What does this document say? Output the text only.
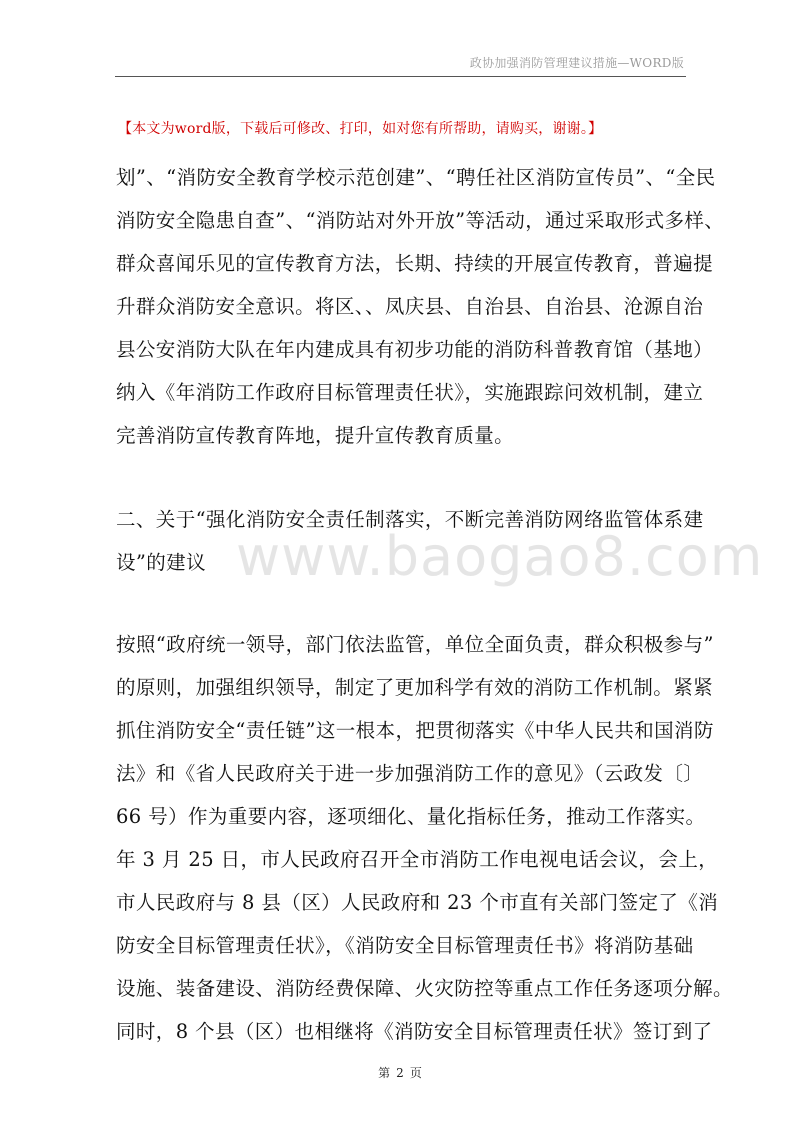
政协加强消防管理建议措施—WORD版
【本文为word版，下载后可修改、打印，如对您有所帮助，请购买，谢谢。】
划”、“消防安全教育学校示范创建”、“聘任社区消防宣传员”、“全民
消防安全隐患自查”、“消防站对外开放”等活动，通过采取形式多样、
群众喜闻乐见的宣传教育方法，长期、持续的开展宣传教育，普遍提
升群众消防安全意识。将区、、凤庆县、自治县、自治县、沧源自治
县公安消防大队在年内建成具有初步功能的消防科普教育馆（基地）
纳入《年消防工作政府目标管理责任状》，实施跟踪问效机制，建立
完善消防宣传教育阵地，提升宣传教育质量。
二、关于“强化消防安全责任制落实，不断完善消防网络监管体系建
设”的建议 www.baogao8.com
按照“政府统一领导，部门依法监管，单位全面负责，群众积极参与”
的原则，加强组织领导，制定了更加科学有效的消防工作机制。紧紧
抓住消防安全“责任链”这一根本，把贯彻落实《中华人民共和国消防
法》和《省人民政府关于进一步加强消防工作的意见》（云政发〔〕
66 号）作为重要内容，逐项细化、量化指标任务，推动工作落实。
年 3 月 25 日，市人民政府召开全市消防工作电视电话会议，会上，
市人民政府与 8 县（区）人民政府和 23 个市直有关部门签定了《消
防安全目标管理责任状》，《消防安全目标管理责任书》将消防基础
设施、装备建设、消防经费保障、火灾防控等重点工作任务逐项分解。
同时，8 个县（区）也相继将《消防安全目标管理责任状》签订到了
第 2 页
